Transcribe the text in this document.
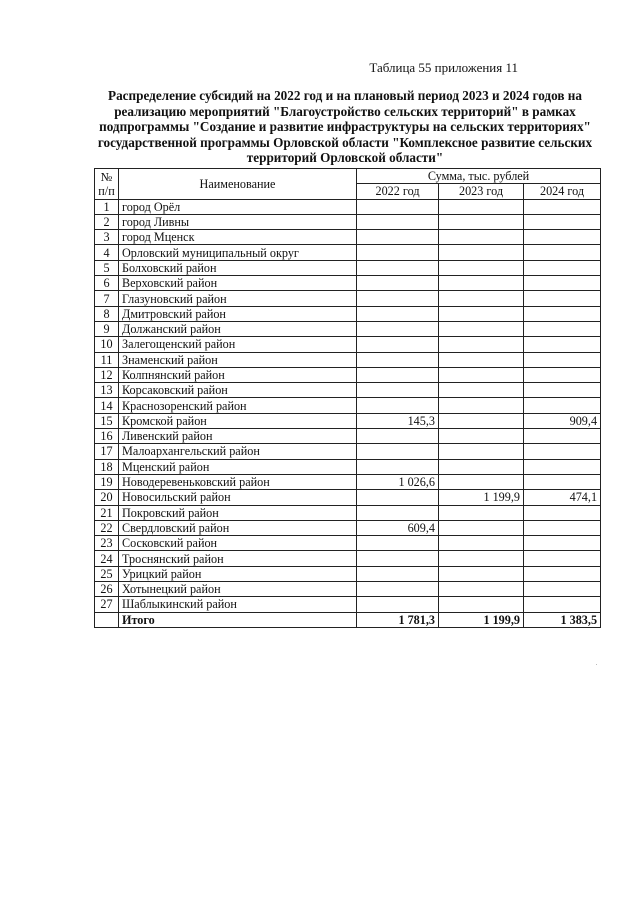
Таблица 55 приложения 11
Распределение субсидий на 2022 год и на плановый период 2023 и 2024 годов на
реализацию мероприятий "Благоустройство сельских территорий" в рамках
подпрограммы "Создание и развитие инфраструктуры на сельских территориях"
государственной программы Орловской области "Комплексное развитие сельских
территорий Орловской области"
№
п/п	Наименование	Сумма, тыс. рублей		
		2022 год	2023 год	2024 год
1	город Орёл			
2	город Ливны			
3	город Мценск			
4	Орловский муниципальный округ			
5	Болховский район			
6	Верховский район			
7	Глазуновский район			
8	Дмитровский район			
9	Должанский район			
10	Залегощенский район			
11	Знаменский район			
12	Колпнянский район			
13	Корсаковский район			
14	Краснозоренский район			
15	Кромской район	145,3		909,4
16	Ливенский район			
17	Малоархангельский район			
18	Мценский район			
19	Новодеревеньковский район	1 026,6		
20	Новосильский район		1 199,9	474,1
21	Покровский район			
22	Свердловский район	609,4		
23	Сосковский район			
24	Троснянский район			
25	Урицкий район			
26	Хотынецкий район			
27	Шаблыкинский район			
	Итого	1 781,3	1 199,9	1 383,5
